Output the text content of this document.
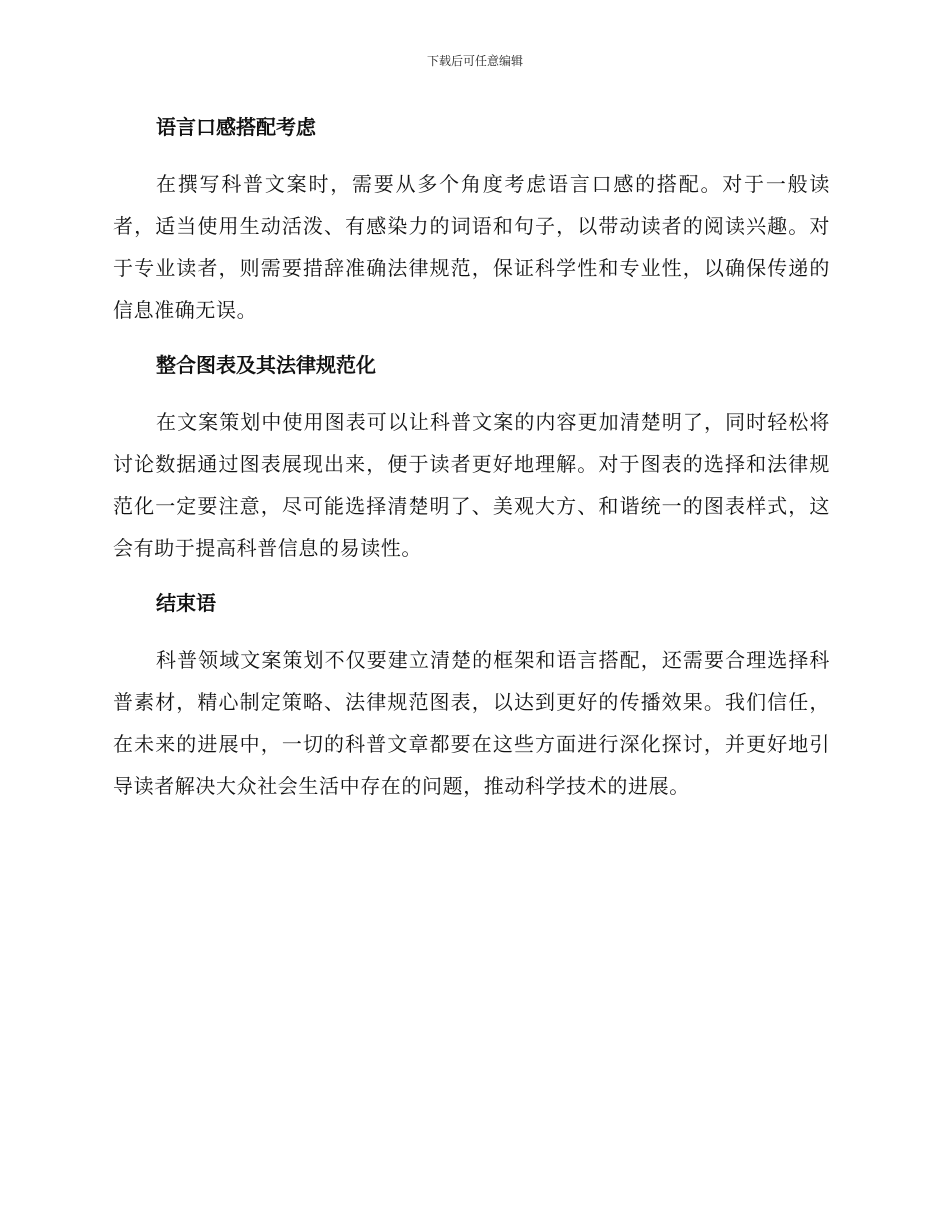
下载后可任意编辑
语言口感搭配考虑

在撰写科普文案时，需要从多个角度考虑语言口感的搭配。对于一般读者，适当使用生动活泼、有感染力的词语和句子，以带动读者的阅读兴趣。对于专业读者，则需要措辞准确法律规范，保证科学性和专业性，以确保传递的信息准确无误。

整合图表及其法律规范化

在文案策划中使用图表可以让科普文案的内容更加清楚明了，同时轻松将讨论数据通过图表展现出来，便于读者更好地理解。对于图表的选择和法律规范化一定要注意，尽可能选择清楚明了、美观大方、和谐统一的图表样式，这会有助于提高科普信息的易读性。

结束语

科普领域文案策划不仅要建立清楚的框架和语言搭配，还需要合理选择科普素材，精心制定策略、法律规范图表，以达到更好的传播效果。我们信任，在未来的进展中，一切的科普文章都要在这些方面进行深化探讨，并更好地引导读者解决大众社会生活中存在的问题，推动科学技术的进展。
